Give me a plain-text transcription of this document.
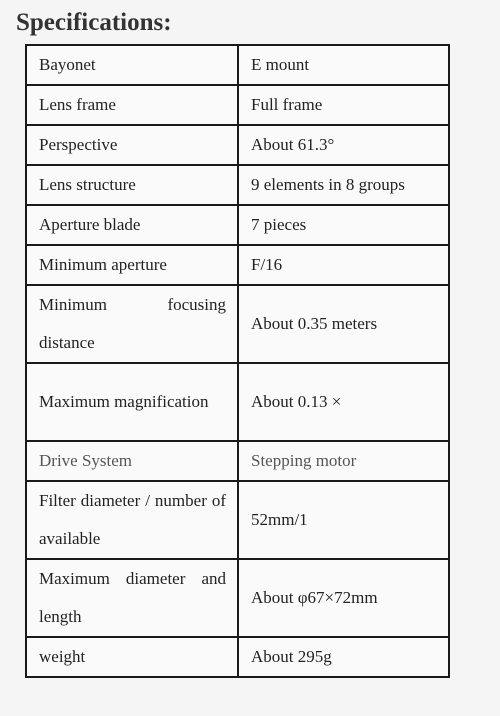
Specifications:
Bayonet	E mount
Lens frame	Full frame
Perspective	About 61.3°
Lens structure	9 elements in 8 groups
Aperture blade	7 pieces
Minimum aperture	F/16
Minimum focusing distance	About 0.35 meters
Maximum magnification	About 0.13 ×
Drive System	Stepping motor
Filter diameter / number of available	52mm/1
Maximum diameter and length	About φ67×72mm
weight	About 295g
